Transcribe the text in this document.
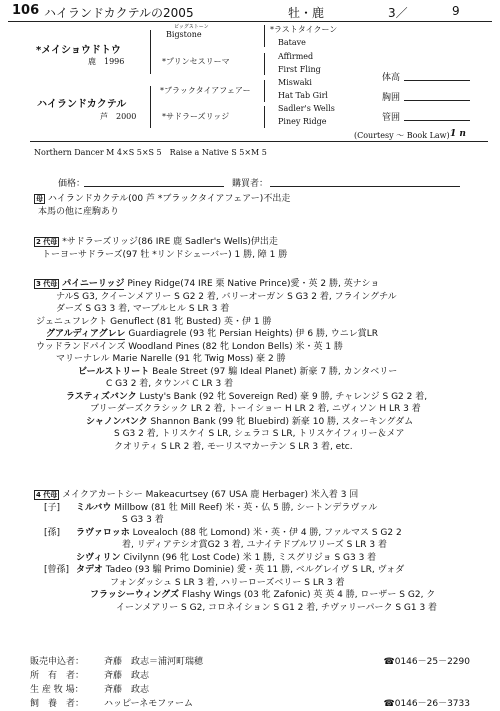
106 ハイランドカクテルの2005	牡・鹿	3／	9
*メイショウドトウ
鹿　1996
ハイランドカクテル
芦　2000
ビッグストーン
Bigstone
*プリンセスリーマ
*ブラックタイアフェアー
*サドラーズリッジ
*ラストタイクーン
Batave
Affirmed
First Fling
Miswaki
Hat Tab Girl
Sadler's Wells
Piney Ridge
体高
胸囲
管囲
(Courtesy 〜 Book Law) 1 n
Northern Dancer M 4×S 5×S 5　Raise a Native S 5×M 5
価格：	購買者：
母 ハイランドカクテル(00 芦 *ブラックタイアフェアー)不出走
本馬の他に産駒あり
2 代母 *サドラーズリッジ(86 IRE 鹿 Sadler's Wells)伊出走
トーヨーサドラーズ(97 牡 *リンドシェーバー) 1 勝, 障 1 勝
3 代母 パイニーリッジ Piney Ridge(74 IRE 栗 Native Prince)愛・英 2 勝, 英ナショ
ナルS G3, クイーンメアリー S G2 2 着, バリーオーガン S G3 2 着, フライングチル
ダーズ S G3 3 着, マーブルヒル S LR 3 着
ジェニュフレクト Genuflect (81 牝 Busted) 英・伊 1 勝
グアルディアグレレ Guardiagrele (93 牝 Persian Heights) 伊 6 勝, ウニレ賞LR
ウッドランドパインズ Woodland Pines (82 牝 London Bells) 米・英 1 勝
マリーナレル Marie Narelle (91 牝 Twig Moss) 豪 2 勝
ビールストリート Beale Street (97 騸 Ideal Planet) 新豪 7 勝, カンタベリー
C G3 2 着, タウンバ C LR 3 着
ラスティズバンク Lusty's Bank (92 牝 Sovereign Red) 豪 9 勝, チャレンジ S G2 2 着,
ブリーダーズクラシック LR 2 着, トーイショー H LR 2 着, ニヴィソン H LR 3 着
シャノンバンク Shannon Bank (99 牝 Bluebird) 新豪 10 勝, スターキングダム
S G3 2 着, トリスケイ S LR, シェラコ S LR, トリスケイフィリー＆メア
クオリティ S LR 2 着, モーリスマカーテン S LR 3 着, etc.
4 代母 メイクアカートシー Makeacurtsey (67 USA 鹿 Herbager) 米入着 3 回
[子] ミルバウ Millbow (81 牡 Mill Reef) 米・英・仏 5 勝, シートンデラヴァル
S G3 3 着
[孫] ラヴァロッホ Lovealoch (88 牝 Lomond) 米・英・伊 4 勝, ファルマス S G2 2
着, リディアテシオ賞G2 3 着, ユナイテドブルワリーズ S LR 3 着
シヴィリン Civilynn (96 牝 Lost Code) 米 1 勝, ミスグリジョ S G3 3 着
[曾孫] タデオ Tadeo (93 騸 Primo Dominie) 愛・英 11 勝, ベルグレイヴ S LR, ヴォダ
フォンダッシュ S LR 3 着, ハリーローズベリー S LR 3 着
フラッシーウィングズ Flashy Wings (03 牝 Zafonic) 英 英 4 勝, ローザー S G2, ク
イーンメアリー S G2, コロネイション S G1 2 着, チヴァリーパーク S G1 3 着
販売申込者： 斉藤　政志＝浦河町瑞穂	☎0146－25－2290
所　有　者： 斉藤　政志
生 産 牧 場： 斉藤　政志
飼　養　者： ハッピーネモファーム	☎0146－26－3733
